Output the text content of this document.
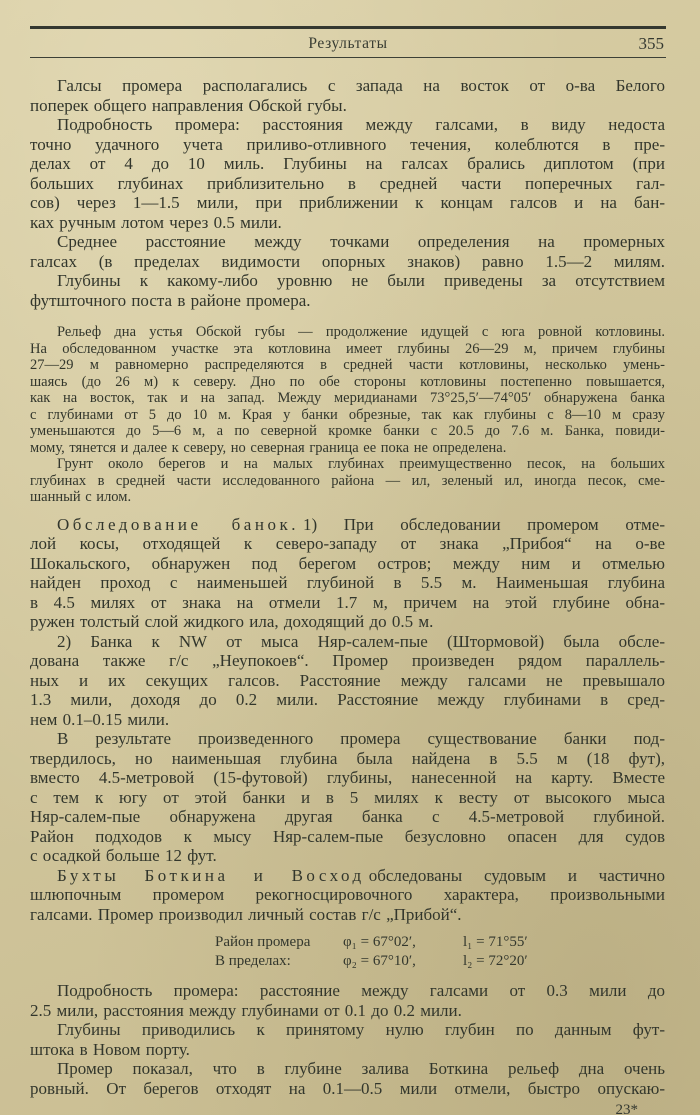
Результаты	355
Галсы промера располагались с запада на восток от о-ва Белого
поперек общего направления Обской губы.
Подробность промера: расстояния между галсами, в виду недоста
точно удачного учета приливо-отливного течения, колеблются в пре-
делах от 4 до 10 миль. Глубины на галсах брались диплотом (при
больших глубинах приблизительно в средней части поперечных гал-
сов) через 1—1.5 мили, при приближении к концам галсов и на бан-
ках ручным лотом через 0.5 мили.
Среднее расстояние между точками определения на промерных
галсах (в пределах видимости опорных знаков) равно 1.5—2 милям.
Глубины к какому-либо уровню не были приведены за отсутствием
футшточного поста в районе промера.
Рельеф дна устья Обской губы — продолжение идущей с юга ровной котловины.
На обследованном участке эта котловина имеет глубины 26—29 м, причем глубины
27—29 м равномерно распределяются в средней части котловины, несколько умень-
шаясь (до 26 м) к северу. Дно по обе стороны котловины постепенно повышается,
как на восток, так и на запад. Между меридианами 73°25,5′—74°05′ обнаружена банка
с глубинами от 5 до 10 м. Края у банки обрезные, так как глубины с 8—10 м сразу
уменьшаются до 5—6 м, а по северной кромке банки с 20.5 до 7.6 м. Банка, повиди-
мому, тянется и далее к северу, но северная граница ее пока не определена.
Грунт около берегов и на малых глубинах преимущественно песок, на больших
глубинах в средней части исследованного района — ил, зеленый ил, иногда песок, сме-
шанный с илом.
Обследование банок. 1) При обследовании промером отме-
лой косы, отходящей к северо-западу от знака „Прибоя“ на о-ве
Шокальского, обнаружен под берегом остров; между ним и отмелью
найден проход с наименьшей глубиной в 5.5 м. Наименьшая глубина
в 4.5 милях от знака на отмели 1.7 м, причем на этой глубине обна-
ружен толстый слой жидкого ила, доходящий до 0.5 м.
2) Банка к NW от мыса Няр-салем-пые (Штормовой) была обсле-
дована также г/с „Неупокоев“. Промер произведен рядом параллель-
ных и их секущих галсов. Расстояние между галсами не превышало
1.3 мили, доходя до 0.2 мили. Расстояние между глубинами в сред-
нем 0.1–0.15 мили.
В результате произведенного промера существование банки под-
твердилось, но наименьшая глубина была найдена в 5.5 м (18 фут),
вместо 4.5-метровой (15-футовой) глубины, нанесенной на карту. Вместе
с тем к югу от этой банки и в 5 милях к весту от высокого мыса
Няр-салем-пые обнаружена другая банка с 4.5-метровой глубиной.
Район подходов к мысу Няр-салем-пые безусловно опасен для судов
с осадкой больше 12 фут.
Бухты Боткина и Восход обследованы судовым и частично
шлюпочным промером рекогносцировочного характера, произвольными
галсами. Промер производил личный состав г/с „Прибой“.
Район промера	φ₁ = 67°02′,	l₁ = 71°55′
В пределах:	φ₂ = 67°10′,	l₂ = 72°20′
Подробность промера: расстояние между галсами от 0.3 мили до
2.5 мили, расстояния между глубинами от 0.1 до 0.2 мили.
Глубины приводились к принятому нулю глубин по данным фут-
штока в Новом порту.
Промер показал, что в глубине залива Боткина рельеф дна очень
ровный. От берегов отходят на 0.1—0.5 мили отмели, быстро опускаю-
23*
